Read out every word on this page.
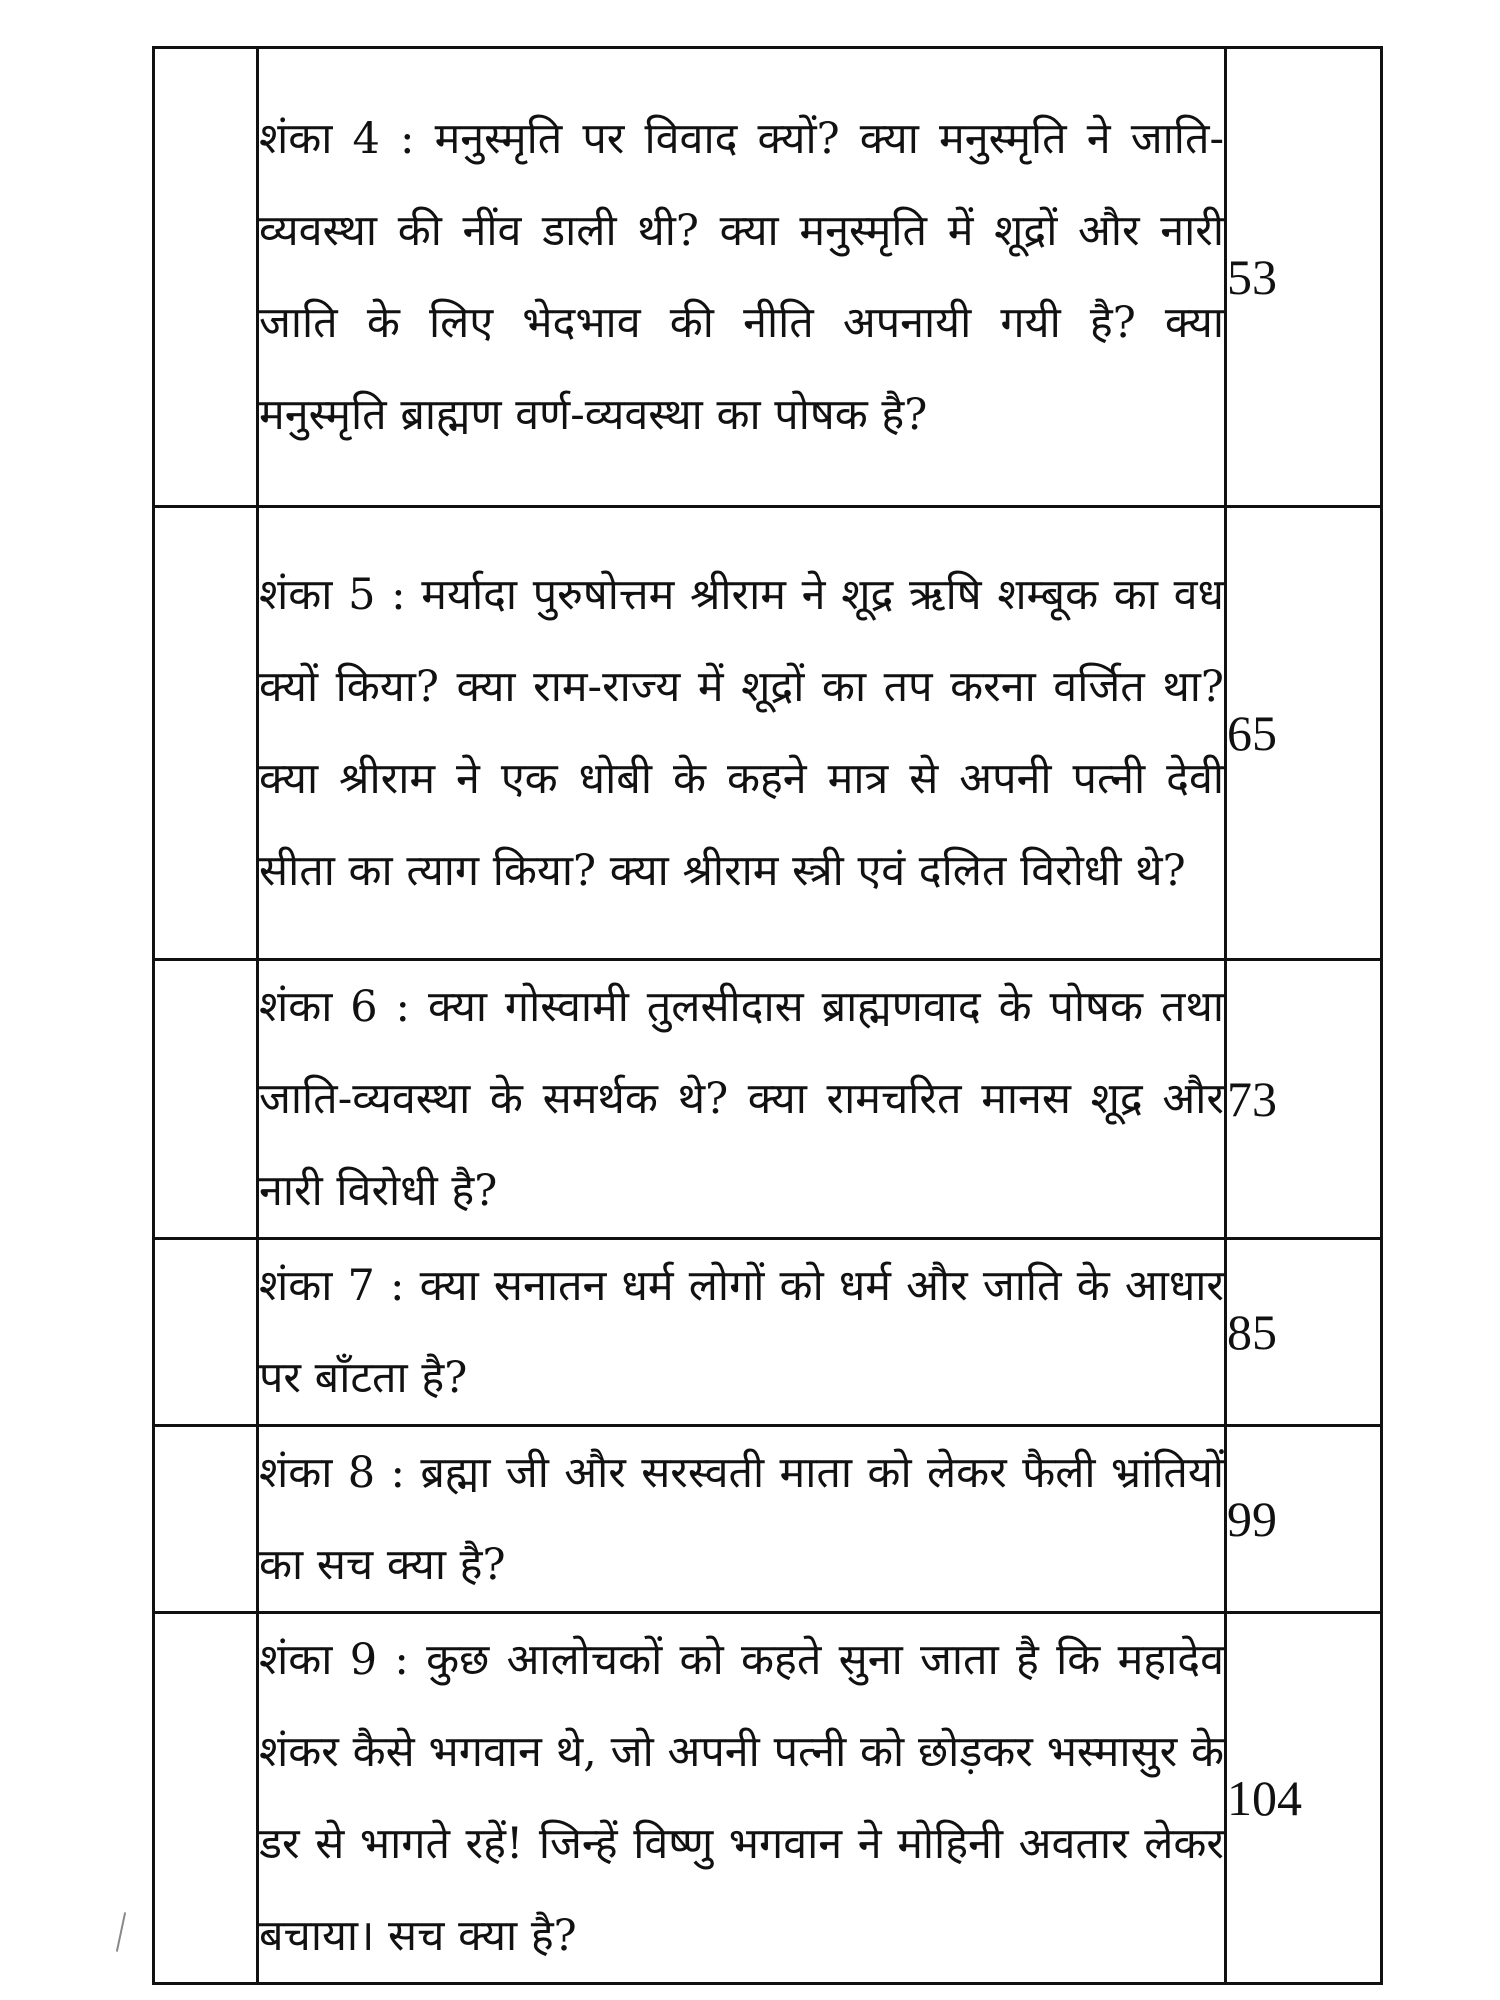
	शंका 4 : मनुस्मृति पर विवाद क्यों? क्या मनुस्मृति ने जाति-व्यवस्था की नींव डाली थी? क्या मनुस्मृति में शूद्रों और नारी जाति के लिए भेदभाव की नीति अपनायी गयी है? क्या मनुस्मृति ब्राह्मण वर्ण-व्यवस्था का पोषक है?	53
	शंका 5 : मर्यादा पुरुषोत्तम श्रीराम ने शूद्र ऋषि शम्बूक का वध क्यों किया? क्या राम-राज्य में शूद्रों का तप करना वर्जित था? क्या श्रीराम ने एक धोबी के कहने मात्र से अपनी पत्नी देवी सीता का त्याग किया? क्या श्रीराम स्त्री एवं दलित विरोधी थे?	65
	शंका 6 : क्या गोस्वामी तुलसीदास ब्राह्मणवाद के पोषक तथा जाति-व्यवस्था के समर्थक थे? क्या रामचरित मानस शूद्र और नारी विरोधी है?	73
	शंका 7 : क्या सनातन धर्म लोगों को धर्म और जाति के आधार पर बाँटता है?	85
	शंका 8 : ब्रह्मा जी और सरस्वती माता को लेकर फैली भ्रांतियों का सच क्या है?	99
	शंका 9 : कुछ आलोचकों को कहते सुना जाता है कि महादेव शंकर कैसे भगवान थे, जो अपनी पत्नी को छोड़कर भस्मासुर के डर से भागते रहें! जिन्हें विष्णु भगवान ने मोहिनी अवतार लेकर बचाया। सच क्या है?	104
